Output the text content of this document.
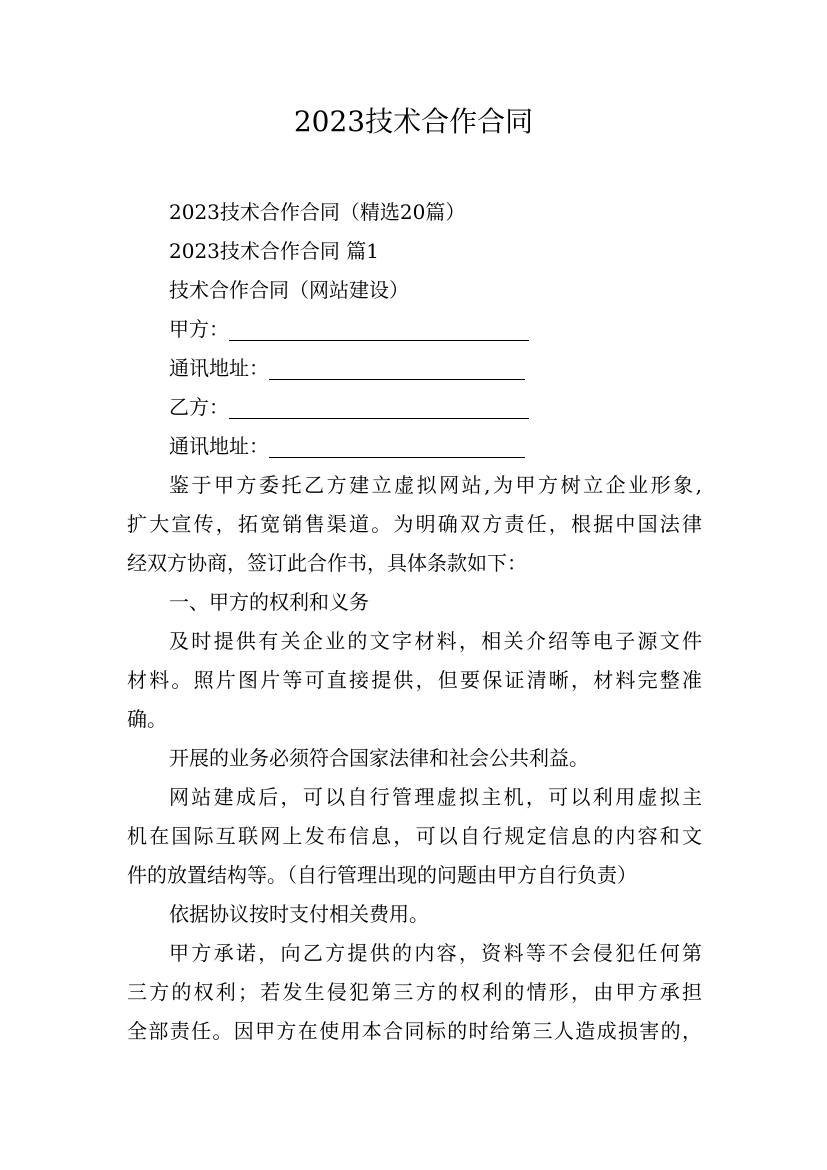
2023技术合作合同
2023技术合作合同（精选20篇）
2023技术合作合同 篇1
技术合作合同（网站建设）
甲方：
通讯地址：
乙方：
通讯地址：
鉴于甲方委托乙方建立虚拟网站,为甲方树立企业形象,
扩大宣传，拓宽销售渠道。为明确双方责任，根据中国法律
经双方协商，签订此合作书，具体条款如下：
一、甲方的权利和义务
及时提供有关企业的文字材料，相关介绍等电子源文件
材料。照片图片等可直接提供，但要保证清晰，材料完整准
确。
开展的业务必须符合国家法律和社会公共利益。
网站建成后，可以自行管理虚拟主机，可以利用虚拟主
机在国际互联网上发布信息，可以自行规定信息的内容和文
件的放置结构等。（自行管理出现的问题由甲方自行负责）
依据协议按时支付相关费用。
甲方承诺，向乙方提供的内容，资料等不会侵犯任何第
三方的权利；若发生侵犯第三方的权利的情形，由甲方承担
全部责任。因甲方在使用本合同标的时给第三人造成损害的，
